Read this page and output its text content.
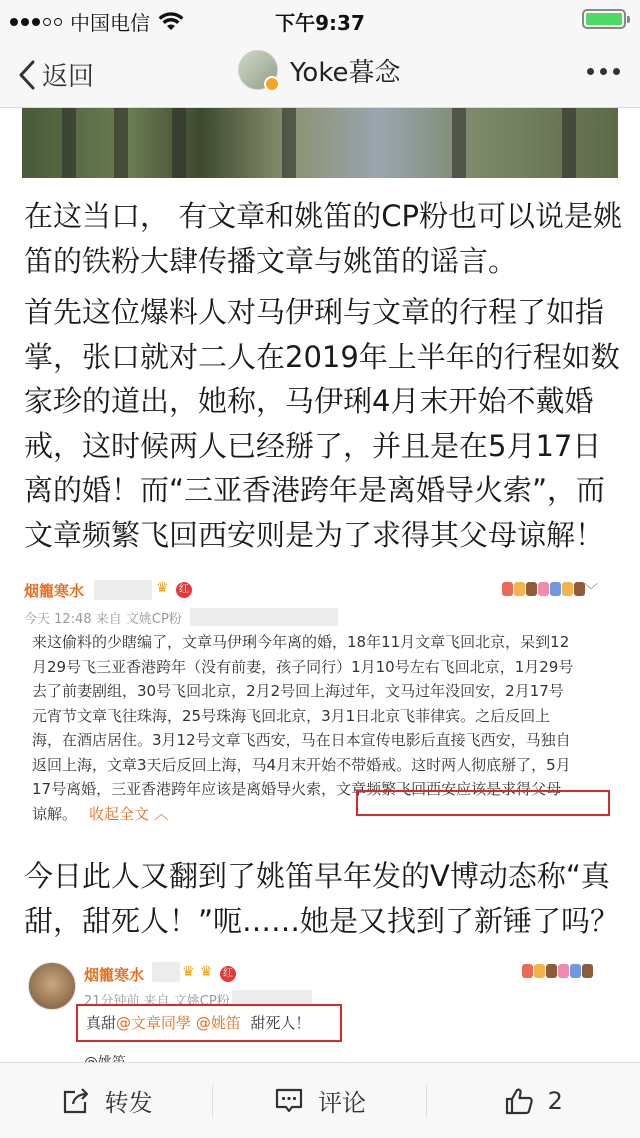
中国电信	下午9:37
返回	Yoke暮念

在这当口， 有文章和姚笛的CP粉也可以说是姚笛的铁粉大肆传播文章与姚笛的谣言。

首先这位爆料人对马伊琍与文章的行程了如指掌，张口就对二人在2019年上半年的行程如数家珍的道出，她称，马伊琍4月末开始不戴婚戒，这时候两人已经掰了，并且是在5月17日离的婚！而“三亚香港跨年是离婚导火索”，而文章频繁飞回西安则是为了求得其父母谅解！

烟籠寒水	♛	红	﹀
今天 12:48 来自 文姚CP粉

来这偷料的少瞎编了，文章马伊琍今年离的婚，18年11月文章飞回北京，呆到12

月29号飞三亚香港跨年（没有前妻，孩子同行）1月10号左右飞回北京，1月29号

去了前妻剧组，30号飞回北京，2月2号回上海过年，文马过年没回安，2月17号

元宵节文章飞往珠海，25号珠海飞回北京，3月1日北京飞菲律宾。之后反回上

海，在酒店居住。3月12号文章飞西安，马在日本宣传电影后直接飞西安，马独自

返回上海，文章3天后反回上海，马4月末开始不带婚戒。这时两人彻底掰了，5月

17号离婚，三亚香港跨年应该是离婚导火索，文章频繁飞回西安应该是求得父母

谅解。 收起全文 ︿

今日此人又翻到了姚笛早年发的V博动态称“真甜，甜死人！”呃……她是又找到了新锤了吗？

烟籠寒水	♛ ♛	红
21分钟前 来自 文姚CP粉
真甜@文章同學 @姚笛 甜死人！
转发	评论	2
